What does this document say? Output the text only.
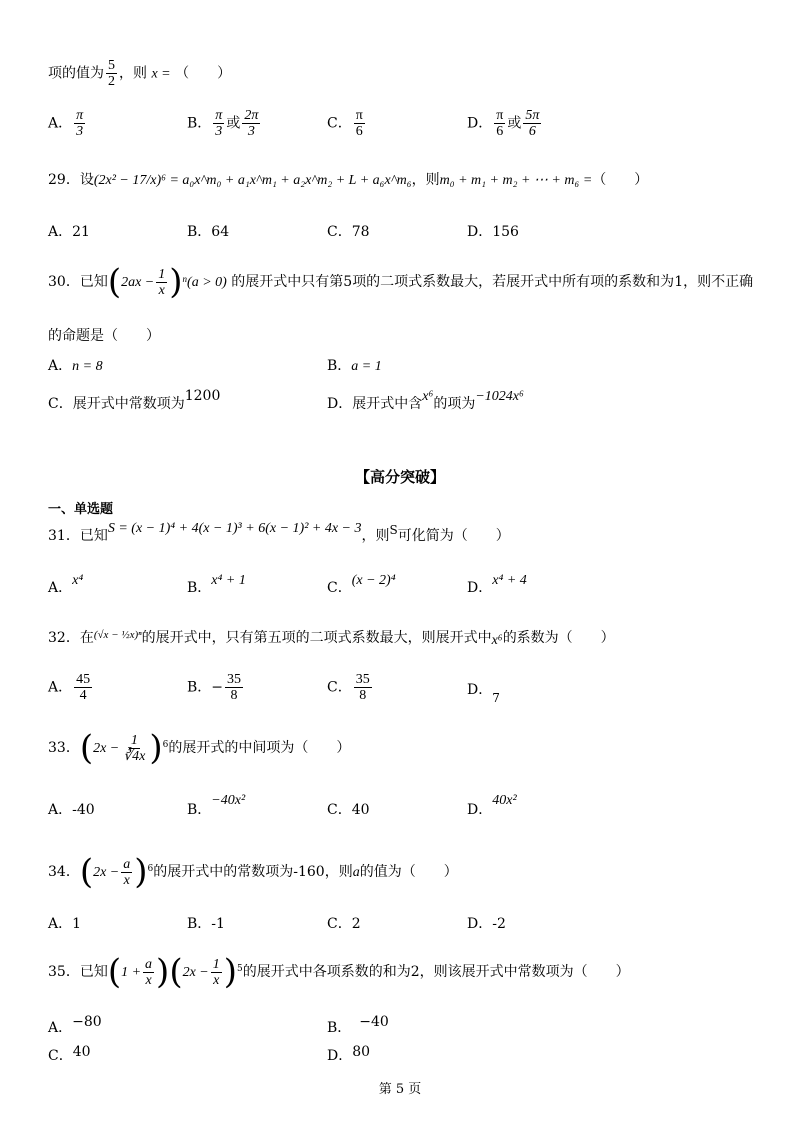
项的值为 $\frac{5}{2}$ ，则 x = （　　）
A． $\frac{\pi}{3}$	B． $\frac{\pi}{3}$ 或 $\frac{2\pi}{3}$	C． $\frac{\pi}{6}$	D． $\frac{\pi}{6}$ 或 $\frac{5\pi}{6}$
29．设(2x² − 17/x)⁶ = a₀x^m₀ + a₁x^m₁ + a₂x^m₂ + L + a₆x^m₆，则m₀ + m₁ + m₂ + ⋯ + m₆ =（　　）
A．21	B．64	C．78	D．156
30．已知$(2ax - \frac{1}{x} )^n(a > 0)$ 的展开式中只有第5项的二项式系数最大，若展开式中所有项的系数和为1，则不正确
的命题是（　　）
A．n = 8	B．a = 1
C．展开式中常数项为1200	D．展开式中含x⁶的项为−1024x⁶
【高分突破】
一、单选题
31．已知S = (x − 1)⁴ + 4(x − 1)³ + 6(x − 1)² + 4x − 3，则S可化简为（　　）
A．x⁴	B．x⁴ + 1	C．(x − 2)⁴	D．x⁴ + 4
32．在$^{(√x - \frac{1}{2}x)^n}$的展开式中，只有第五项的二项式系数最大，则展开式中x⁶的系数为（　　）
A． $\frac{45}{4}$	B．− $\frac{35}{8}$	C． $\frac{35}{8}$	D．7
33．$(2x - \frac{1}{∛4x} )^6$的展开式的中间项为（　　）
A．-40	B．−40x²
C．40	D．40x²
34．$(2x - \frac{a}{x} )^6$的展开式中的常数项为-160，则a的值为（　　）
A．1	B．-1	C．2	D．-2
35．已知$(1 + \frac{a}{x} )(2x - \frac{1}{x} )^5$的展开式中各项系数的和为2，则该展开式中常数项为（　　）
A．−80	B． −40
C．40	D．80
第 5 页
